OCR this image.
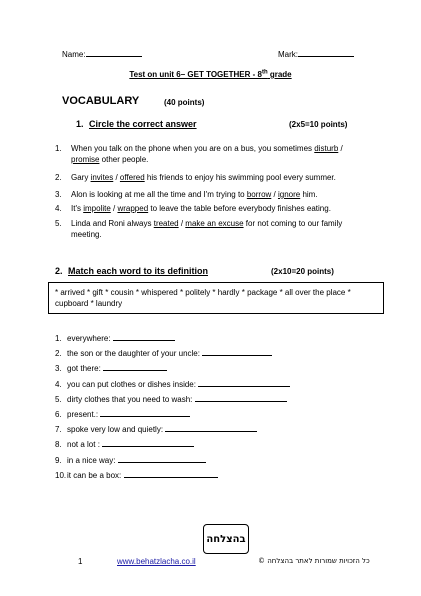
Name:	Mark:
Test on unit 6– GET TOGETHER - 8th grade
VOCABULARY	(40 points)
1. Circle the correct answer	(2x5=10 points)
1. When you talk on the phone when you are on a bus, you sometimes disturb / promise other people.
2. Gary invites / offered his friends to enjoy his swimming pool every summer.
3. Alon is looking at me all the time and I'm trying to borrow / ignore him.
4. It's impolite / wrapped to leave the table before everybody finishes eating.
5. Linda and Roni always treated / make an excuse for not coming to our family meeting.
2. Match each word to its definition	(2x10=20 points)
* arrived * gift * cousin * whispered * politely * hardly * package * all over the place * cupboard * laundry
1. everywhere:
2. the son or the daughter of your uncle:
3. got there:
4. you can put clothes or dishes inside:
5. dirty clothes that you need to wash:
6. present.:
7. spoke very low and quietly:
8. not a lot :
9. in a nice way:
10.it can be a box:
בהצלחה
1	www.behatzlacha.co.il	כל הזכויות שמורות לאתר בהצלחה ©
